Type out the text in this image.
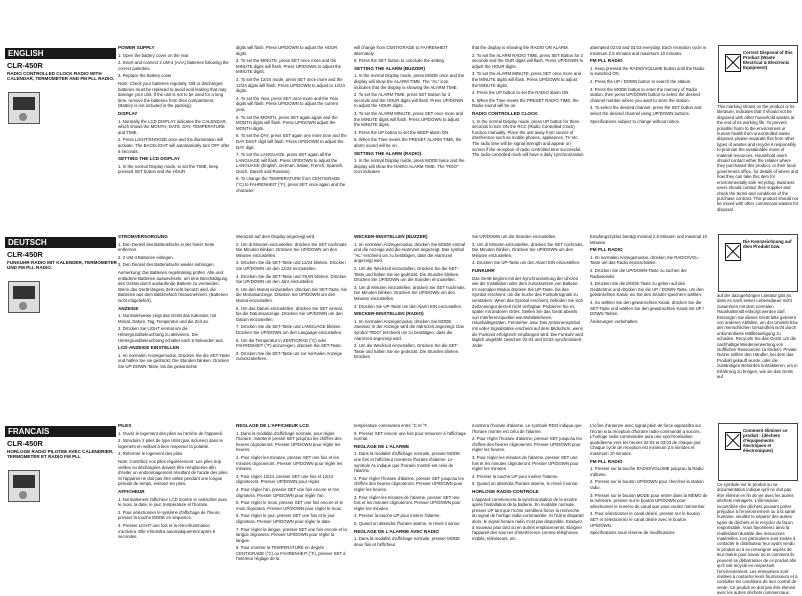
ENGLISH
CLR-450R
RADIO CONTROLLED CLOCK RADIO WITH CALENDAR, TERMOMETER AND FM PLL RADIO.
POWER SUPPLY
1. Open the battery cover on the rear.
2. Insert and connect 2 UM-4 (AAA) batteries following the correct polarities.
3. Replace the battery cover.
Note: Check your batteries regularly. Old or discharged batteries must be replaced to avoid acid leaking that may damage your unit. If the unit is not to be used for a long time, remove the batteries from their compartment. (Battery is not included in the packing).
DISPLAY
1. Normally the LCD DISPLAY indicates the CALENDAR, which shows the MONTH, DATE, DAY, TEMPERATURE and TIME.
2. Press LIGHT/SNOOZE once and the illumination will activate. The BACKLIGHT will automatically turn OFF after 6 seconds.
SETTING THE LCD DISPLAY
1. In the normal Display mode, to set the TIME, keep pressed SET button and the HOUR
digits will flash. Press UP/DOWN to adjust the HOUR digits.
2. To set the MINUTE, press SET once more and the MINUTE digits will flash. Press UP/DOWN to adjust the MINUTE digits.
3. To set the 12/24 mode, press SET once more and the 12/24 digits will flash. Press UP/DOWN to adjust to 12/24 digits.
4. To set the Year, press SET once more and the Year digits will flash. Press UP/DOWN to adjust the current year.
5. To set the MONTH, press SET again again and the MONTH digits will flash. Press UP/DOWN adjust the MONTH digits.
6. To set the DAY, press SET again one more time and the DAY DIGIT digit will flash. Press UP/DOWN to adjust the DAY digit.
7. To set the LANGUAGE, press SET again all the LANGUAGE will flash. Press UP/DOWN to adjust the LANGUAGE (English, German, Italian, French, Spanish, Dutch, Danish and Russian).
8. To change the TEMPERATURE from CENTIGRADE (°C) to FAHRENHEIT (°F), press SET once again and the character
will change from CENTIGRADE to FAHRENHEIT alternately.
9. Press the SET button to conclude the setting.
SETTING THE ALARM (BUZZER)
1. In the normal Display mode, press MODE once and the display will show the ALARM TIME. The "AL" icon indicates that the display is showing the ALARM TIME.
2. To set the ALARM TIME, press SET Button for 3 seconds and the HOUR digits will flash. Press UP/DOWN to adjust the HOUR digits.
3. To set the ALARM MINUTE, press SET once more and the MINUTE digits will flash. Press UP/DOWN to adjust the MINUTE digits.
4. Press the UP button to set the BEEP alarm ON.
5. When the Time meets the PRESET ALARM TIME, the alarm sound will be on.
SETTING THE ALARM (RADIO)
1. In the normal Display mode, press MODE twice and the display will show the RADIO ALARM TIME. The "RDO" icon indicates
that the display is showing the RADIO ON ALARM.
2. To set the ALARM RADIO TIME, press SET Button for 3 seconds and the OUR digits will flash. Press UP/DOWN to adjust the HOUR digits.
3. To set the ALARM MINUTE, press SET once more and the MINUTE digits will flash. Press UP/DOWN to adjust the MINUTE digits.
4. Press the UP button to set the RADIO alarm ON.
5. When the Time meets the PRESET RADIO TIME, the Radio sound will be on.
RADIO CONTROLLED CLOCK
1. In the normal Display mode, press UP button for three seconds to turn ON the RCC (Radio Controlled Clock) function manually. Place the unit away from source of interference such as mobile phones, appliances, TV etc. The radio time will be signal strength and appear on screen if the reception of radio controlled time successful. The radio-controlled clock will have a daily synchronization
attempted 02:03 and 03:03 everyday. Each reception cycle is minimum 2.5 minutes and maximum 10 minutes.
FM PLL RADIO
1. Keep pressed the RADIO/VOLUME button until the Radio is switched ON.
2. Press the UP / DOWN button to search the station.
3. Press the MODE button to enter the memory of Radio station, then press UP/DOWN button to select the desired channel number where you want to store the station.
4. To select the desired channel, press the SET button and select the desired channel using UP/DOWN buttons.
Specifications subject to change without notice.
Correct Disposal of this Product (Waste Electrical & Electronic Equipment)
This marking shown on the product or its literature, indicates that it should not be disposed with other household wastes at the end of its working life. To prevent possible harm to the environment or human health from uncontrolled waste disposal, please separate this from other types of wastes and recycle it responsibly to promote the sustainable reuse of material resources. Household users should contact either the retailer where they purchased this product, or their local government office, for details of where and how they can take this item for environmentally safe recycling. Business users should contact their supplier and check the terms and conditions of the purchase contract. This product should not be mixed with other commercial wastes for disposal.
DEUTSCH
CLR-450R
FUNKUHR RADIO MIT KALENDER, TERMOMETER UND FM PLL RADIO.
STROMVERSORGUNG
1. Den Deckel des Batteriefachs in der hinter Seite entfernen.
2. 2 UM-4 Batterien einlegen.
3. Den Deckel des Batteriefachs wieder anbringen.
Anmerkung: Die Batterien regelmässig prüfen. Alte und entladene Batterien auswechseln, um eine Beschädigung des Geräts durch auslaufende Batterie zu vermeiden. Wenn das Gerät längere Zeit nicht benutzt wird, die Batterien aus dem Batteriefach herausnehmen. (Batterien nicht mitgeliefert).
ANZEIGE
1. Normalerweise zeigt das Gerät das Kalender, mit Monat, Datum, Tag, Temperatur und die Zeit an.
2. Drücken Sie LIGHT einmal um die Hintergrundbeleuchtung zu aktivieren. Die Hintergrundbeleuchtung schaltet nach 6 Sekunden aus.
LCD-ANZEIGE EINSTELLEN
1. Im normalen Anzeigemodus, Drücken Sie die SET-Taste und halten Sie sie gedrückt. Die Stunden blinken. Drücken Sie UP-DOWN-Taste, bis die gewünschte
Weckzeit auf dem Display angezeigt wird.
2. Um di Minuten einzustellen, drücken Sie SET nochmals. Die Minuten blinken. Drücken Sie UP/DOWN um den Minuten einzustellen.
3. Drücken Sie die SET-Taste und 12/24 blinken. Drücken Sie UP/DOWN um den 12/24 einzustellen.
4. Drücken Sie die SET-Taste und YEAR blinken. Drücken Sie UP/DOWN um den Jahr einzustellen.
5. Um den Monat einzustellen, drücken Sie SET-Taste, bis die Monatsanzeige. Drücken Sie UP/DOWN um den Monat einzustellen.
6. Um das Datum einzustellen, drücken Sie SET einmal, bis die Datumsanzeige. Drücken Sie UP/DOWN um den Datum einzustellen.
7. Drücken Sie die SET-Taste und LANGUAGE blinken. Drücken Sie UP/DOWN um den Language einzustellen.
8. Um die Temperatur in ZENTIGRAD (°C) oder FAHRENHEIT (°F) anzuzeigen, drücken Sie SET-Taste.
9. Drücken Sie die SET-Taste um zur normalen Anzeige zurückzukehren.
WECKER-EINSTELLEN (BUZZER)
1. Im normalen Anzeigemodus, drücken Sie MODE einmal und die Anzeige wird die Alarmzeit angezeigt. Das symbol "AL" erscheint um zu bestätigen, dass die Alarmzeit angezeigt wird.
2. Um die Weckzeit einzustellen, Drücken Sie die SET-Taste und halten Sie sie gedrückt. Die Stunden blinken. Drücken Sie UP/DOWN um die Stunden einzustellen.
3. Um di Minuten einzustellen, drücken Sie SET nochmals. Die Minuten blinken. Drücken Sie UP/DOWN um den Minuten einzustellen.
4. Drücken Sie UP-Taste um den Alarm EIN einzustellen.
WECKER-EINSTELLEN (RADIO)
1. Im normalen Anzeigemodus, drücken Sie MODE zweimal, in der Anzeige wird die Alarmzeit angezeigt. Das symbol "RDO" erscheint um zu bestätigen, dass die Alarmzeit angezeigt wird.
2. Um die Weckzeit einzustellen, Drücken Sie die SET-Taste und halten Sie sie gedrückt. Die Stunden blinken. Drücken
Sie UP/DOWN um die Stunden einzustellen.
3. Um di Minuten einzustellen, drücken Sie SET nochmals. Die Minuten blinken. Drücken Sie UP/DOWN um den Minuten einzustellen.
4. Drücken Sie UP-Taste um den Alarm EIN einzustellen.
FUNKUHR
Das Gerät beginnt mit der Synchronisierung der Uhrzeit wie der Installation oder dem zurücksetzen von Batterie. Im normalen Modus drücken Sie UP-Taste, bis das Symbol erscheint, um die Suche des Funkuhrsignals zu verstärken. Wenn das Symbol erscheint, befinden Sie sich Zeitzonengut derzeit nicht verfügbar. Probieren Sie es später mit anderen Ortes. Stellen Sie das Gerät abseits von Interferenzquellen wie Mobiltelefonen, Haushaltsgeräten, Fernseher, usw. Das Antennensymbol mit voller Signalstärke erscheint auf dem Bildschirm, wenn die Funkzeit erfolgreich empfangen wird. Die Funkuhr wird täglich ungefähr zwischen 02:03 und 03:03 synchronisiert. Jeder
Empfangszyklus beträgt minimal 2,5 Minuten und maximal 10 Minuten.
FM PLL RADIO
1. Im normalen Anzeigemodus, drücken Sie RADIO/VOL-Taste um das Radio einzuschalten.
2. Drücken Sie die UP/DOWN-Taste zu suchen der Radiosender.
3. Drücken Sie die MODE-Taste zu geben auf den Gedächtnis und drücken Sie die UP / DOWN-Taste, um den gewünschten Kanal, wo Sie den Sender speichern wählen.
4. So wählen Sie den gewünschten Kanal, drücken Sie die SET-Taste und wählen Sie den gewünschten Kanal mit UP / DOWN Tasten.
Änderungen vorbehalten.
Die Kennzeichnung auf dem Produkt bzw.
auf der dazugehörigen Literatur gibt an, dass es nach seiner Lebensdauer nicht zusammen mit dem normalen Haushaltsmüll entsorgt werden darf. Entsorgen Sie dieses Gerät bitte getrennt von anderen Abfällen, um der Umwelt bzw. der menschlichen Gesundheit nicht durch unkontrollierte Müllbeseitigung zu schaden. Recyceln Sie das Gerät, um die nachhaltige Wiederverwertung von stofflichen Ressourcen zu fördern. Private Nutzer sollten den Händler, bei dem das Produkt gekauft wurde, oder die zuständigen Behörden kontaktieren, um in Erfahrung zu bringen, wie sie das Gerät auf
FRANCAIS
CLR-450R
HORLOGE RADIO PILOTEE AVEC CALENDRIER, TERMOMETER ET RADIO FM PLL
PILES
1. Ouvrir le logement des piles au l'arrière de l'appareil.
2. Introduire 2 piles de type UM4 (pas incluses) dans le logement en veillant à bien respecter la polarité.
3. Refermer le logement des piles.
Note: Contrôlez vos piles régulièrement. Les piles trop vieilles ou déchargées doivent être remplacées afin d'éviter un endommagement résultant de l'acide des piles. Si l'appareil ne doit pas être utilisé pendant une longue période de temps, enlevez les piles.
AFFICHEUR
1. Normalement l'afficheur LCD montre le calendrier avec le mois, la date, le jour, température et l'horaire.
2. Pour sélectionner le système d'affichage de l'heure, presser la touche MODE en séquence.
3. Presser LIGHT une fois et la rétro-illumination s'activera. Elle s'éteindra automatiquement après 6 secondes.
REGLAGE DE L'AFFICHEUR LCD
1. Dans la modalité d'affichage normale, pour régler l'horaire, maintenir pressé SET jusqu'au les chiffres des heures clignoteront. Presser UP/DOWN pour régler les heures.
2. Pour régler les minutes, presser SET une fois et les minutes clignoteront. Presser UP/DOWN pour régler les minutes.
3. Pour régler 12/24, presser SET une fois et 12/24 clignoteront. Presser UP/DOWN pour régler.
4. Pour régler l'an, presser SET une fois encore et l'an clignotera. Presser UP/DOWN pour régler l'an.
5. Pour régler le mois, presser SET une fois encore et le mois clignotera. Presser UP/DOWN pour régler le mois.
6. Pour régler le jour, presser SET une fois et le jour clignotera. Presser UP/DOWN pour régler le date.
7. Pour régler la langue, presser SET une fois encore et la langue clignotera. Presser UP/DOWN pour régler la langue.
8. Pour montrer la TEMPERATURE en degrés CENTIGRADE (°C) ou FAHRENHEIT (°F), presser SET à l'intérieur réglage de la
température commutera entre °C et °F.
9. Presser SET encore une fois pour retourner à l'affichage normal.
REGLAGE DE L'ALARME
1. Dans la modalité d'affichage normale, presser MODE une fois et l'afficheur montrera l'horaire d'alarme. Le symbole AL indique que l'horaire montré est celui de l'alarme.
2. Pour régler l'horaire d'alarme, presser SET jusqu'au les chiffres des heures clignoteront. Presser UP/DOWN pour régler les heures.
3. Pour régler les minutes de l'alarme, presser SET une fois et les minutes clignoteront. Presser UP/DOWN pour régler les minutes.
4. Presser la touche UP pour insérer l'alarme.
5. Quand on atteindra l'horaire alarme, le réveil il sonne.
REGLAGE DE L'ALARME AVEC RADIO
1. Dans la modalité d'affichage normale, presser MODE deux fois et l'afficheur
montrera l'horaire d'alarme. Le symbole RDO indique que l'horaire montré est celui de l'alarme.
2. Pour régler l'horaire d'alarme, presser SET jusqu'au les chiffres des heures clignoteront. Presser UP/DOWN pour régler les heures.
3. Pour régler les minutes de l'alarme, presser SET une fois et les minutes clignoteront. Presser UP/DOWN pour régler les minutes.
4. Presser la touche UP pour insérer l'alarme.
5. Quand on atteindra l'horaire alarme, le réveil il sonne.
HORLOGE RADIO-CONTROLE
L'appareil commencera la synchronisation de la montre après l'installation de la batterie. En modalité normale, presser UP tant que l'icône semblera forcer la recherche du signal de horloge radio-commandée. Si l'icône disparaît alors, le signal horaire radio n'est pas disponible. Essayez à nouveau plus tard ou en autres emplacements. Eloigner l'appareil des sources d'interférence comme téléphones mobile, téléviseurs, etc.
L'icône d'antenne avec signal plein de force apparaîtra sur l'écran si la réception d'horaire radio-commandé a succès. L'horloge radio-commandée aura une synchronisation quotidienne vers les heures 02:03 et 03:03 de chaque jour. Chaque cycle de réception est minimum 2,5 minutes et maximum 10 minutes.
FM PLL RADIO
1. Presser sur la touche RADIO/VOLUME jusqu'au la Radio s'allume.
2. Presser sur le bouton UP/DOWN pour chercher la station radio.
3. Presser sur le bouton MODE pour entrer dans la MÉMO de la mémoire, presser sur le bouton UP/DOWN pour sélectionner le numéro de canal que vous voulez mémoriser.
4. Pour sélectionner le canal désiré, presser sur le bouton SET et sélectionnez le canal désiré avec le bouton UP/DOWN.
Spécifications sous réserve de modifications
Comment éliminer ce produit - (déchets d'équipements électriques et électroniques)
Ce symbole sur le produit ou sa documentation indique qu'il ne doit pas être éliminé en fin de vie avec les autres déchets ménagers. L'élimination incontrôlée des déchets pouvant porter préjudice à l'environnement ou à la santé humaine, veuillez le séparer des autres types de déchets et le recycler de façon responsable. Vous favoriserez ainsi la réutilisation durable des ressources matérielles. Les particuliers sont invités à contacter le distributeur leur ayant vendu le produit ou à se renseigner auprès de leur mairie pour savoir où et comment ils peuvent se débarrasser de ce produit afin qu'il soit recyclé en respectant l'environnement. Les entreprises sont invitées à contacter leurs fournisseurs et à consulter les conditions de leur contrat de vente. Ce produit ne doit pas être éliminé avec les autres déchets commerciaux.
